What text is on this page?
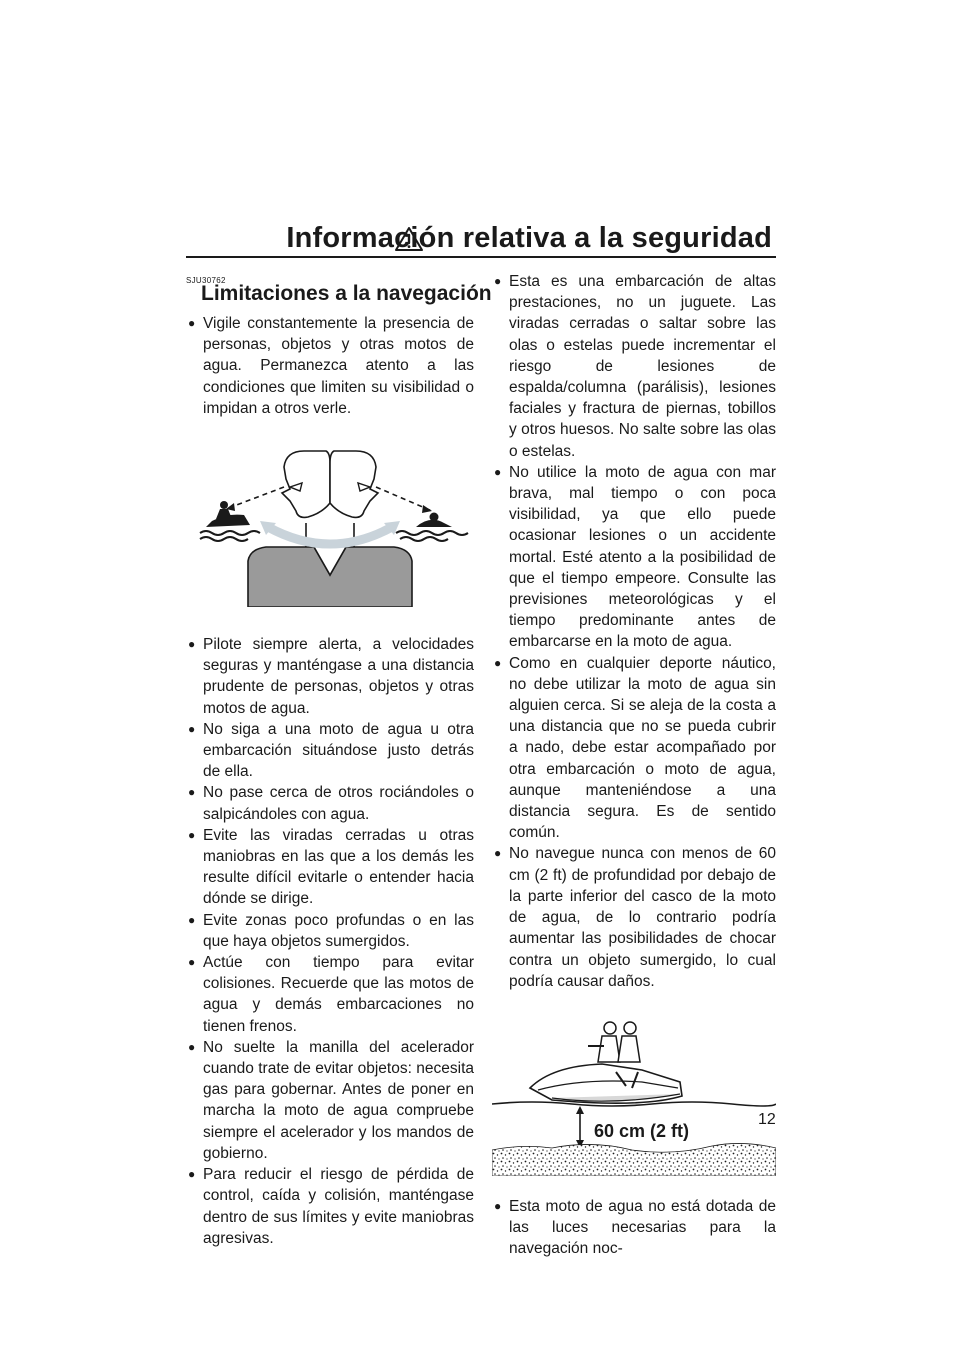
Información relativa a la seguridad
SJU30762
Limitaciones a la navegación
● Vigile constantemente la presencia de personas, objetos y otras motos de agua. Permanezca atento a las condiciones que limiten su visibilidad o impidan a otros verle.
● Pilote siempre alerta, a velocidades seguras y manténgase a una distancia prudente de personas, objetos y otras motos de agua.
● No siga a una moto de agua u otra embarcación situándose justo detrás de ella.
● No pase cerca de otros rociándoles o salpicándoles con agua.
● Evite las viradas cerradas u otras maniobras en las que a los demás les resulte difícil evitarle o entender hacia dónde se dirige.
● Evite zonas poco profundas o en las que haya objetos sumergidos.
● Actúe con tiempo para evitar colisiones. Recuerde que las motos de agua y demás embarcaciones no tienen frenos.
● No suelte la manilla del acelerador cuando trate de evitar objetos: necesita gas para gobernar. Antes de poner en marcha la moto de agua compruebe siempre el acelerador y los mandos de gobierno.
● Para reducir el riesgo de pérdida de control, caída y colisión, manténgase dentro de sus límites y evite maniobras agresivas.
● Esta es una embarcación de altas prestaciones, no un juguete. Las viradas cerradas o saltar sobre las olas o estelas puede incrementar el riesgo de lesiones de espalda/columna (parálisis), lesiones faciales y fractura de piernas, tobillos y otros huesos. No salte sobre las olas o estelas.
● No utilice la moto de agua con mar brava, mal tiempo o con poca visibilidad, ya que ello puede ocasionar lesiones o un accidente mortal. Esté atento a la posibilidad de que el tiempo empeore. Consulte las previsiones meteorológicas y el tiempo predominante antes de embarcarse en la moto de agua.
● Como en cualquier deporte náutico, no debe utilizar la moto de agua sin alguien cerca. Si se aleja de la costa a una distancia que no se pueda cubrir a nado, debe estar acompañado por otra embarcación o moto de agua, aunque manteniéndose a una distancia segura. Es de sentido común.
● No navegue nunca con menos de 60 cm (2 ft) de profundidad por debajo de la parte inferior del casco de la moto de agua, de lo contrario podría aumentar las posibilidades de chocar contra un objeto sumergido, lo cual podría causar daños.
60 cm (2 ft)
● Esta moto de agua no está dotada de las luces necesarias para la navegación noc-
12
